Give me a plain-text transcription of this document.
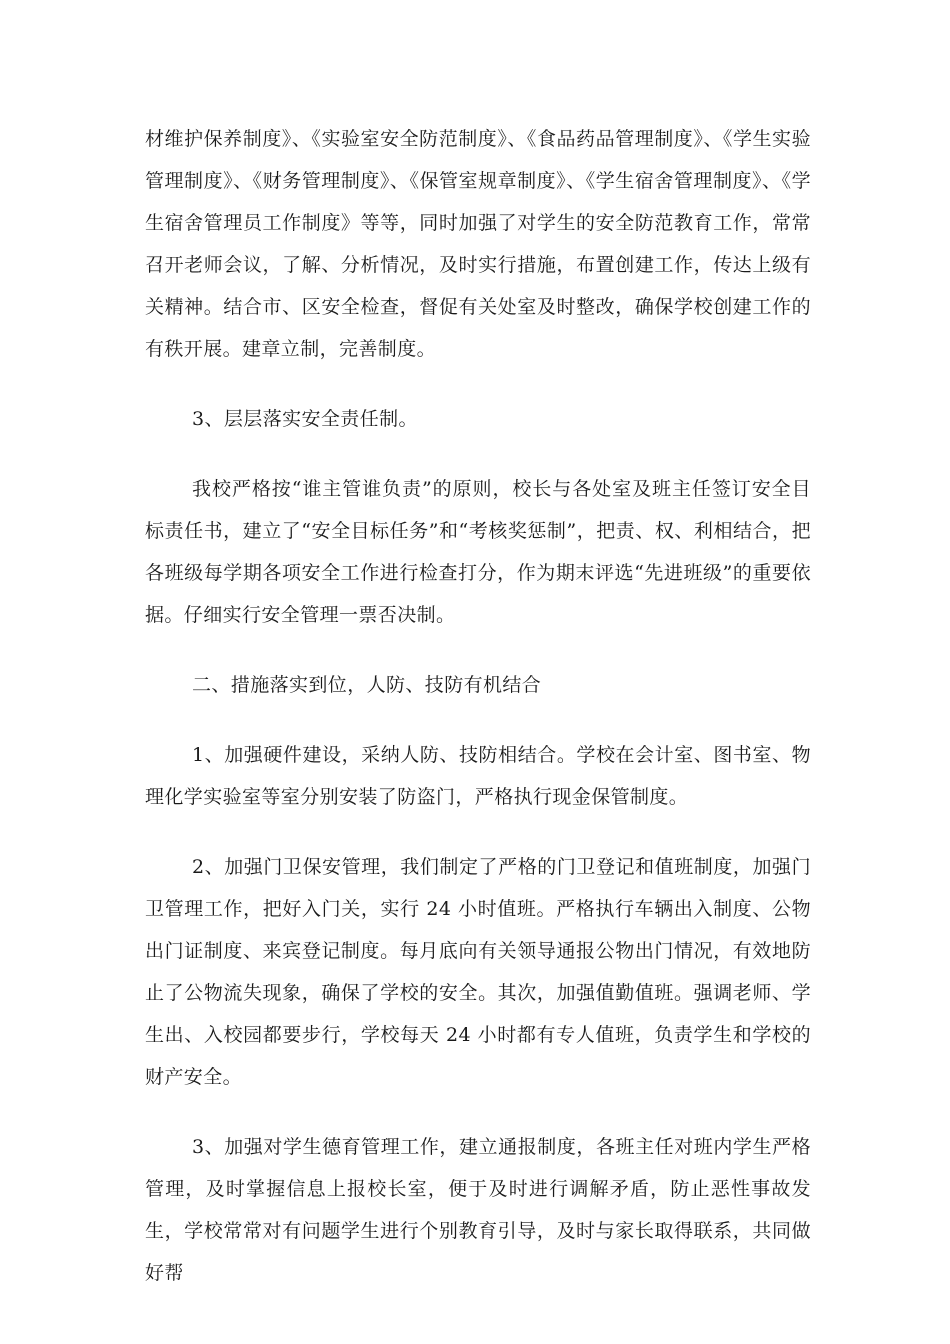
材维护保养制度》、《实验室安全防范制度》、《食品药品管理制度》、《学生实验管理制度》、《财务管理制度》、《保管室规章制度》、《学生宿舍管理制度》、《学生宿舍管理员工作制度》等等，同时加强了对学生的安全防范教育工作，常常召开老师会议，了解、分析情况，及时实行措施，布置创建工作，传达上级有关精神。结合市、区安全检查，督促有关处室及时整改，确保学校创建工作的有秩开展。建章立制，完善制度。

3、层层落实安全责任制。

我校严格按“谁主管谁负责”的原则，校长与各处室及班主任签订安全目标责任书，建立了“安全目标任务”和“考核奖惩制”，把责、权、利相结合，把各班级每学期各项安全工作进行检查打分，作为期末评选“先进班级”的重要依据。仔细实行安全管理一票否决制。

二、措施落实到位，人防、技防有机结合

1、加强硬件建设，采纳人防、技防相结合。学校在会计室、图书室、物理化学实验室等室分别安装了防盗门，严格执行现金保管制度。

2、加强门卫保安管理，我们制定了严格的门卫登记和值班制度，加强门卫管理工作，把好入门关，实行 24 小时值班。严格执行车辆出入制度、公物出门证制度、来宾登记制度。每月底向有关领导通报公物出门情况，有效地防止了公物流失现象，确保了学校的安全。其次，加强值勤值班。强调老师、学生出、入校园都要步行，学校每天 24 小时都有专人值班，负责学生和学校的财产安全。

3、加强对学生德育管理工作，建立通报制度，各班主任对班内学生严格管理，及时掌握信息上报校长室，便于及时进行调解矛盾，防止恶性事故发生，学校常常对有问题学生进行个别教育引导，及时与家长取得联系，共同做好帮
